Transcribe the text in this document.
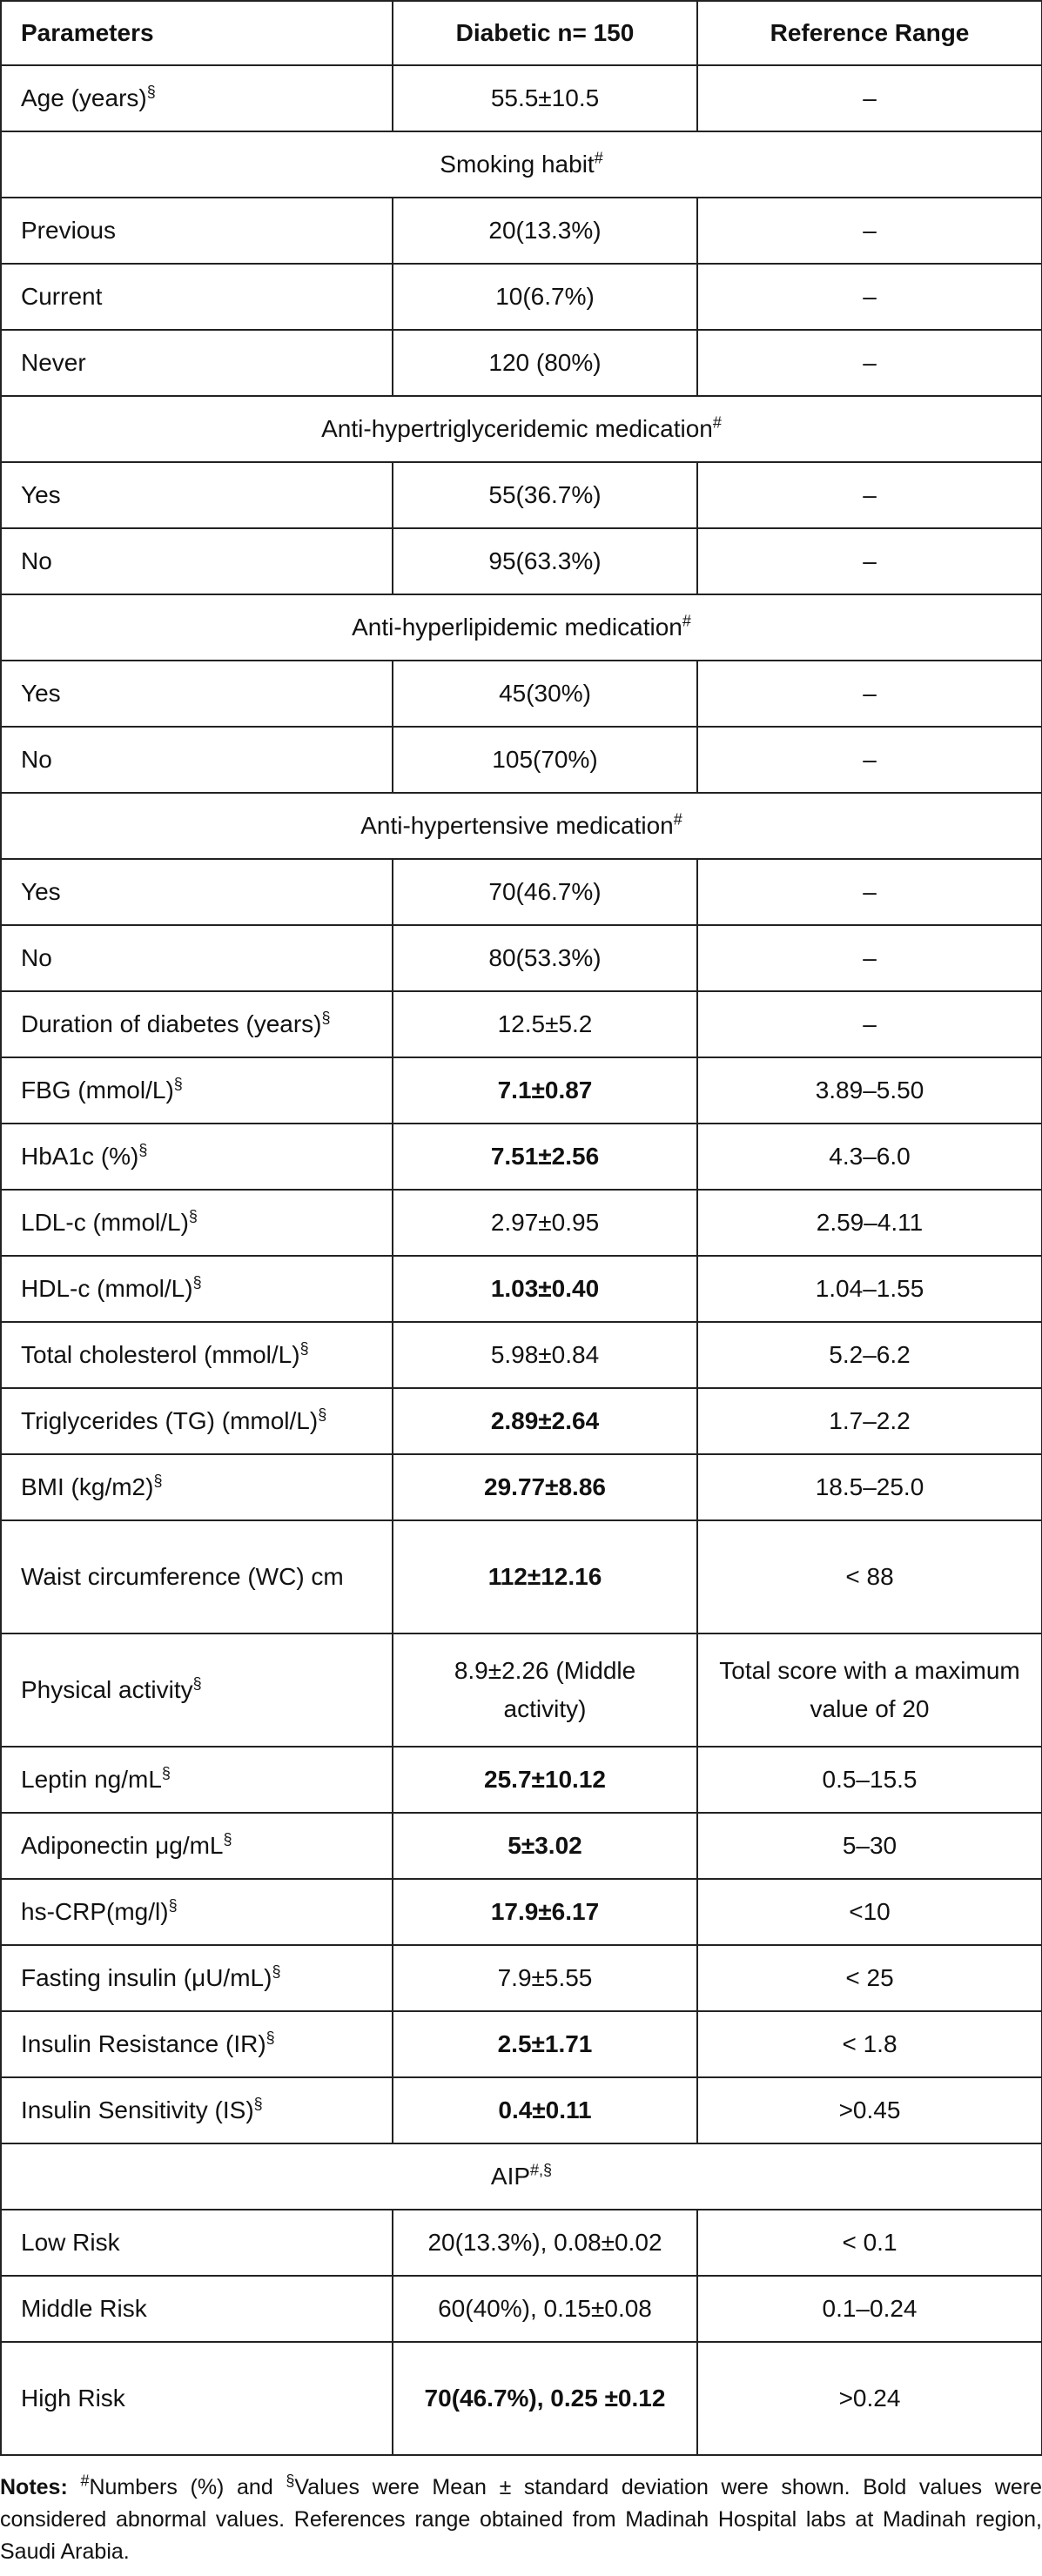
Parameters	Diabetic n= 150	Reference Range
Age (years)§	55.5±10.5	–
Smoking habit#
Previous	20(13.3%)	–
Current	10(6.7%)	–
Never	120 (80%)	–
Anti-hypertriglyceridemic medication#
Yes	55(36.7%)	–
No	95(63.3%)	–
Anti-hyperlipidemic medication#
Yes	45(30%)	–
No	105(70%)	–
Anti-hypertensive medication#
Yes	70(46.7%)	–
No	80(53.3%)	–
Duration of diabetes (years)§	12.5±5.2	–
FBG (mmol/L)§	7.1±0.87	3.89–5.50
HbA1c (%)§	7.51±2.56	4.3–6.0
LDL-c (mmol/L)§	2.97±0.95	2.59–4.11
HDL-c (mmol/L)§	1.03±0.40	1.04–1.55
Total cholesterol (mmol/L)§	5.98±0.84	5.2–6.2
Triglycerides (TG) (mmol/L)§	2.89±2.64	1.7–2.2
BMI (kg/m2)§	29.77±8.86	18.5–25.0
Waist circumference (WC) cm	112±12.16	< 88
Physical activity§	8.9±2.26 (Middle activity)	Total score with a maximum value of 20
Leptin ng/mL§	25.7±10.12	0.5–15.5
Adiponectin μg/mL§	5±3.02	5–30
hs-CRP(mg/l)§	17.9±6.17	<10
Fasting insulin (μU/mL)§	7.9±5.55	< 25
Insulin Resistance (IR)§	2.5±1.71	< 1.8
Insulin Sensitivity (IS)§	0.4±0.11	>0.45
AIP#,§
Low Risk	20(13.3%), 0.08±0.02	< 0.1
Middle Risk	60(40%), 0.15±0.08	0.1–0.24
High Risk	70(46.7%), 0.25 ±0.12	>0.24
Notes: #Numbers (%) and §Values were Mean ± standard deviation were shown. Bold values were considered abnormal values. References range obtained from Madinah Hospital labs at Madinah region, Saudi Arabia.
